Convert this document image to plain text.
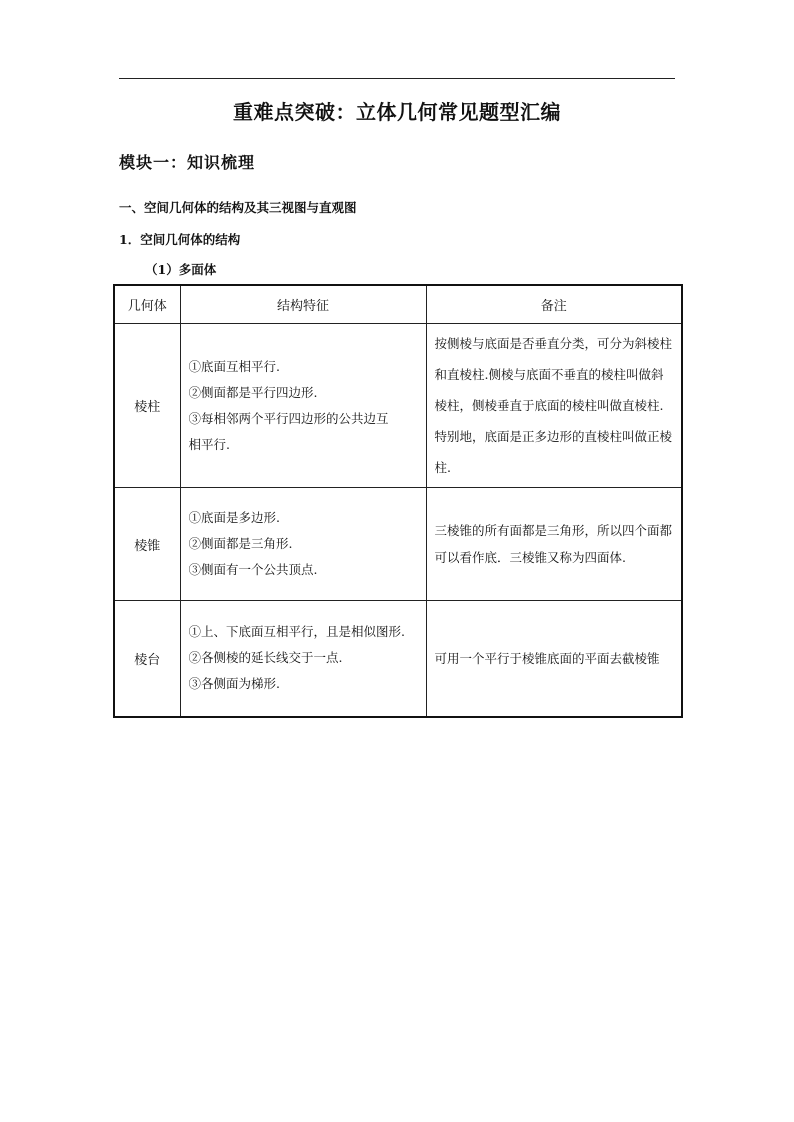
重难点突破：立体几何常见题型汇编
模块一：知识梳理
一、空间几何体的结构及其三视图与直观图
1．空间几何体的结构
（1）多面体
几何体	结构特征	备注
棱柱	①底面互相平行.
②侧面都是平行四边形.
③每相邻两个平行四边形的公共边互
相平行.	按侧棱与底面是否垂直分类，可分为斜棱柱和直棱柱.侧棱与底面不垂直的棱柱叫做斜棱柱，侧棱垂直于底面的棱柱叫做直棱柱.特别地，底面是正多边形的直棱柱叫做正棱柱.
棱锥	①底面是多边形.
②侧面都是三角形.
③侧面有一个公共顶点.	三棱锥的所有面都是三角形，所以四个面都可以看作底．三棱锥又称为四面体.
棱台	①上、下底面互相平行，且是相似图形.
②各侧棱的延长线交于一点.
③各侧面为梯形.	可用一个平行于棱锥底面的平面去截棱锥
